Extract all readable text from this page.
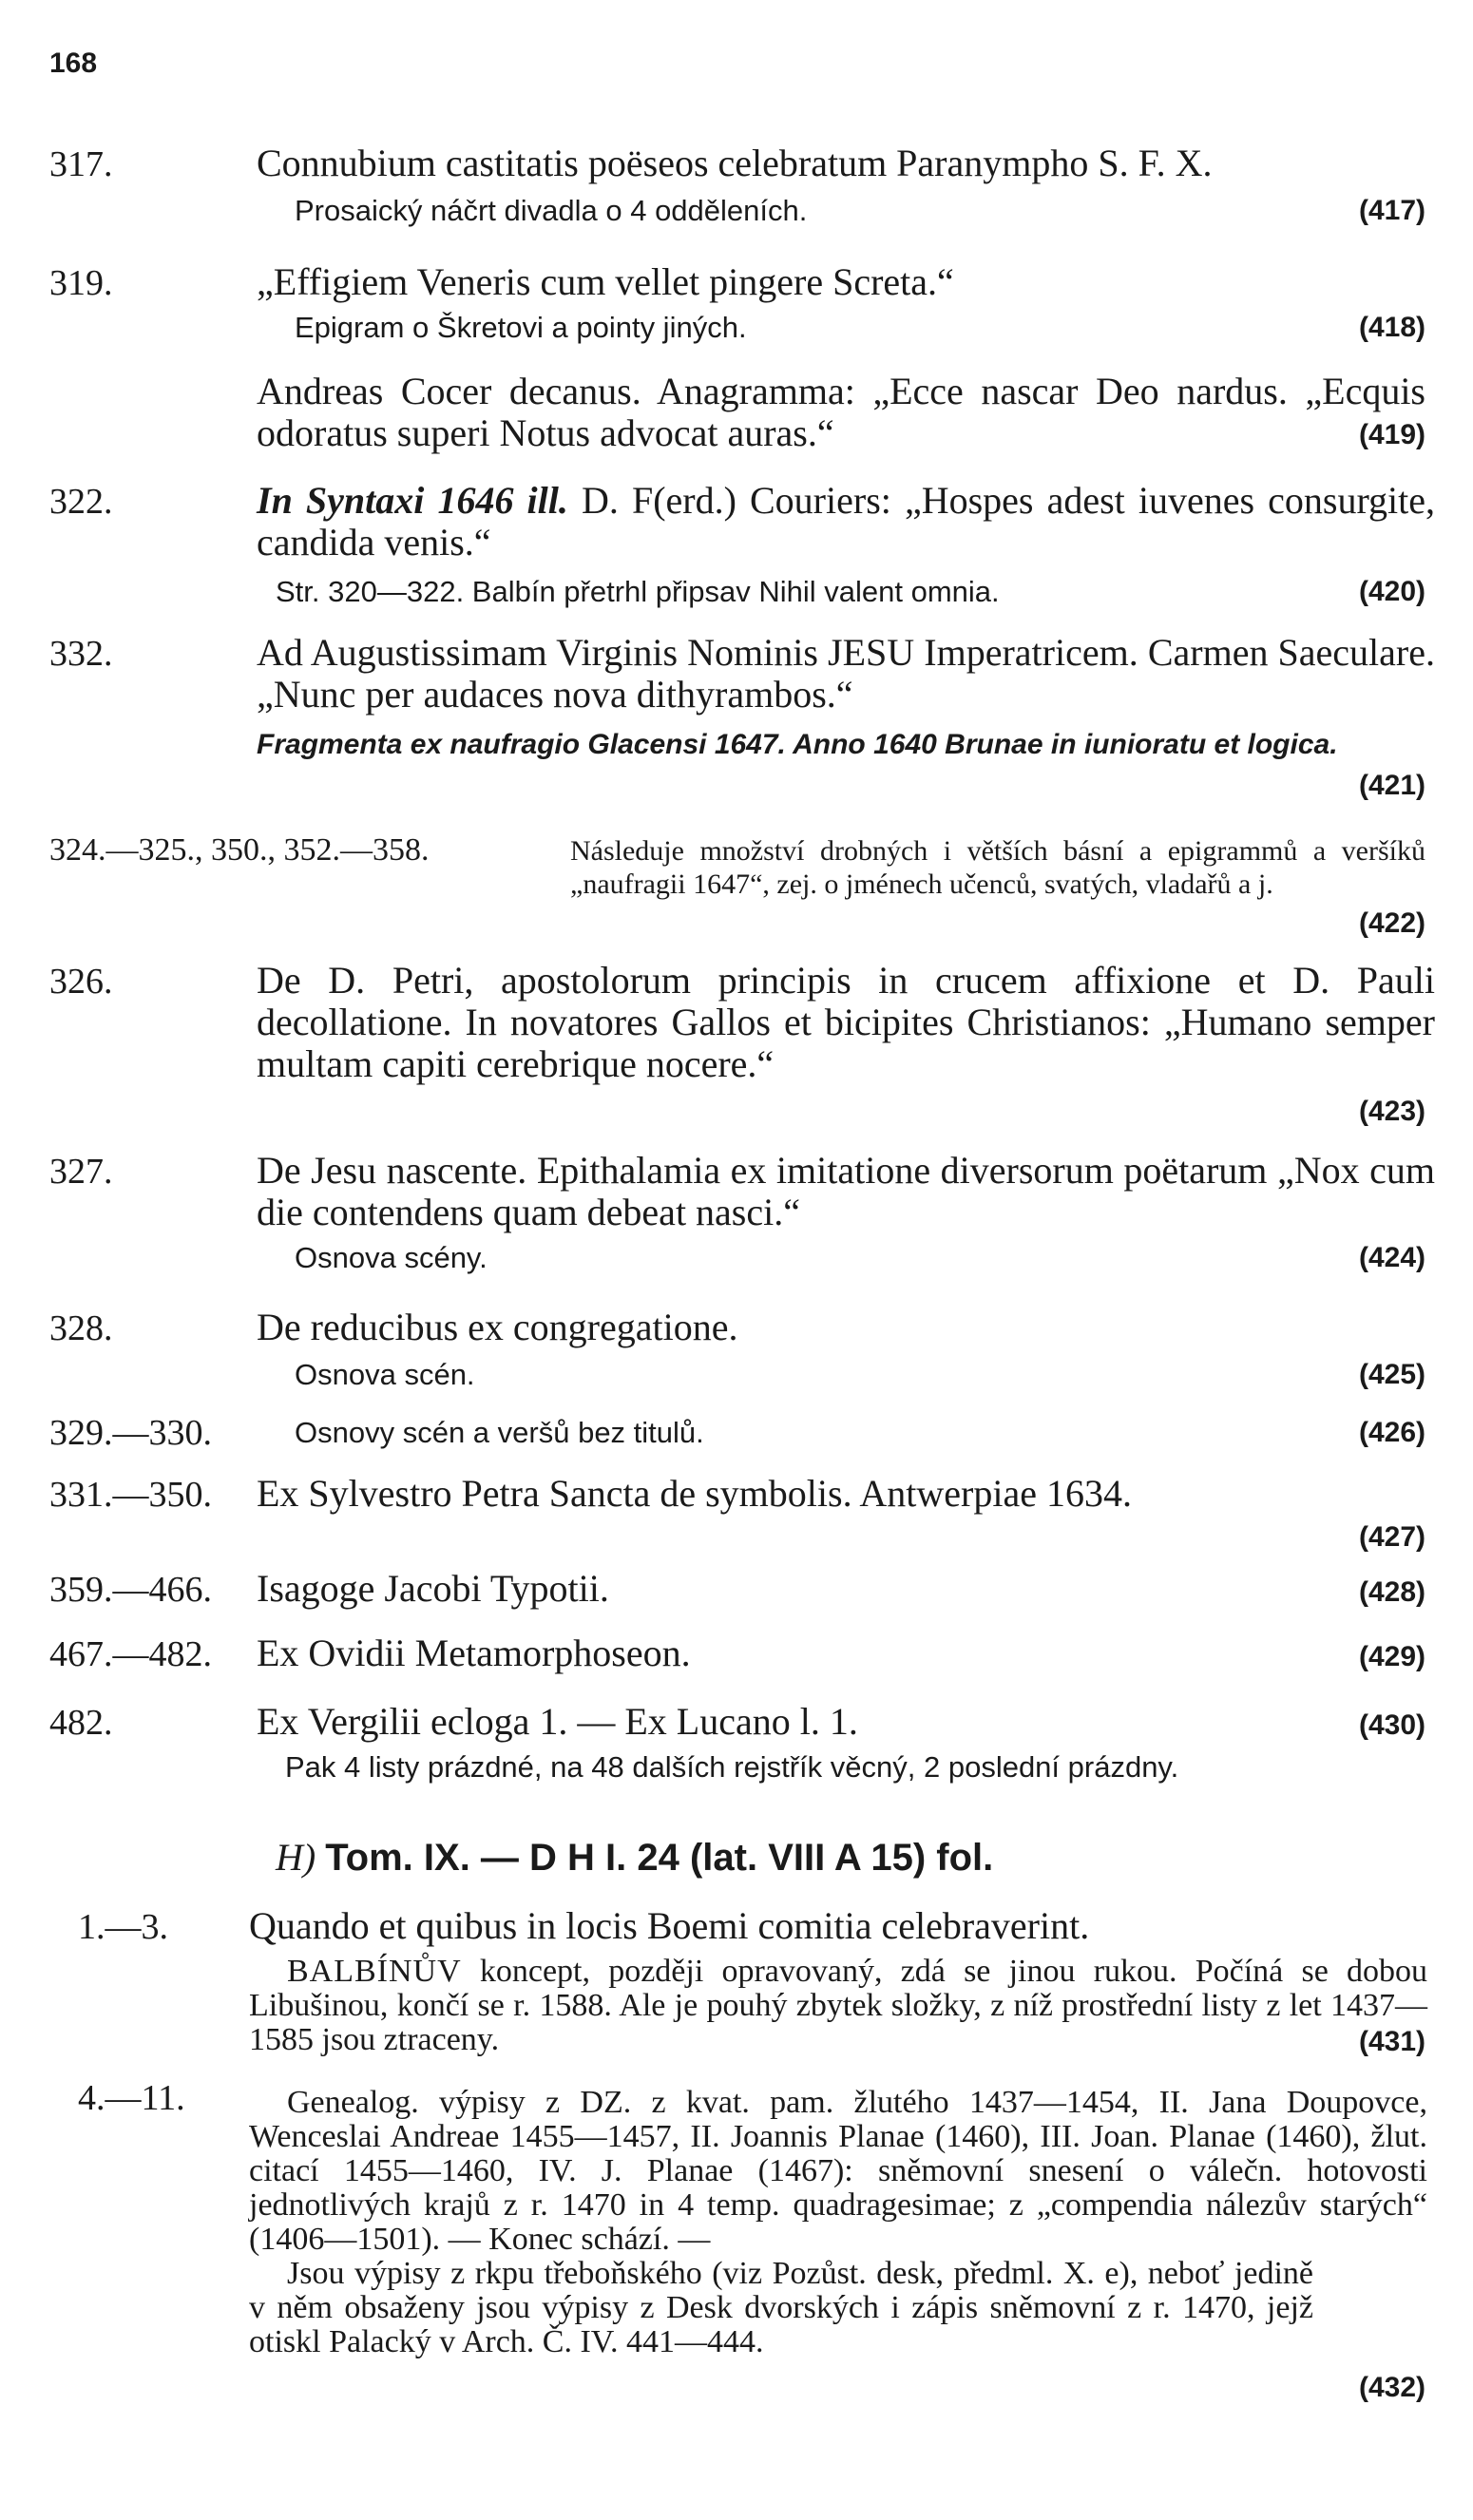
168
317.	Connubium castitatis poëseos celebratum Paranympho S. F. X.
Prosaický náčrt divadla o 4 odděleních.	(417)
319.	„Effigiem Veneris cum vellet pingere Screta.“
Epigram o Škretovi a pointy jiných.	(418)
Andreas Cocer decanus. Anagramma: „Ecce nascar Deo nardus. „Ecquis odoratus superi Notus advocat auras.“	(419)
322.	In Syntaxi 1646 ill. D. F(erd.) Couriers: „Hospes adest iuvenes consurgite, candida venis.“
Str. 320—322. Balbín přetrhl připsav Nihil valent omnia.	(420)
332.	Ad Augustissimam Virginis Nominis JESU Imperatricem. Carmen Saeculare. „Nunc per audaces nova dithyrambos.“
Fragmenta ex naufragio Glacensi 1647. Anno 1640 Brunae in iunioratu et logica.
(421)
324.—325., 350., 352.—358.	Následuje množství drobných i větších básní a epigrammů a veršíků „naufragii 1647“, zej. o jménech učenců, svatých, vladařů a j.
(422)
326.	De D. Petri, apostolorum principis in crucem affixione et D. Pauli decollatione. In novatores Gallos et bicipites Christianos: „Humano semper multam capiti cerebrique nocere.“
(423)
327.	De Jesu nascente. Epithalamia ex imitatione diversorum poëtarum „Nox cum die contendens quam debeat nasci.“
Osnova scény.	(424)
328.	De reducibus ex congregatione.
Osnova scén.	(425)
329.—330.	Osnovy scén a veršů bez titulů.	(426)
331.—350. Ex Sylvestro Petra Sancta de symbolis. Antwerpiae 1634.
(427)
359.—466. Isagoge Jacobi Typotii.	(428)
467.—482. Ex Ovidii Metamorphoseon.	(429)
482.	Ex Vergilii ecloga 1. — Ex Lucano l. 1.	(430)
Pak 4 listy prázdné, na 48 dalších rejstřík věcný, 2 poslední prázdny.
H) Tom. IX. — D H I. 24 (lat. VIII A 15) fol.
1.—3. Quando et quibus in locis Boemi comitia celebraverint.
BALBÍNŮV koncept, později opravovaný, zdá se jinou rukou. Počíná se dobou Libušinou, končí se r. 1588. Ale je pouhý zbytek složky, z níž prostřední listy z let 1437—1585 jsou ztraceny.	(431)
4.—11.	Genealog. výpisy z DZ. z kvat. pam. žlutého 1437—1454, II. Jana Doupovce, Wenceslai Andreae 1455—1457, II. Joannis Planae (1460), III. Joan. Planae (1460), žlut. citací 1455—1460, IV. J. Planae (1467): sněmovní snesení o válečn. hotovosti jednotlivých krajů z r. 1470 in 4 temp. quadragesimae; z „compendia nálezův starých“ (1406—1501). — Konec schází. —
Jsou výpisy z rkpu třeboňského (viz Pozůst. desk, předml. X. e), neboť jedině v něm obsaženy jsou výpisy z Desk dvorských i zápis sněmovní z r. 1470, jejž otiskl Palacký v Arch. Č. IV. 441—444.
(432)
